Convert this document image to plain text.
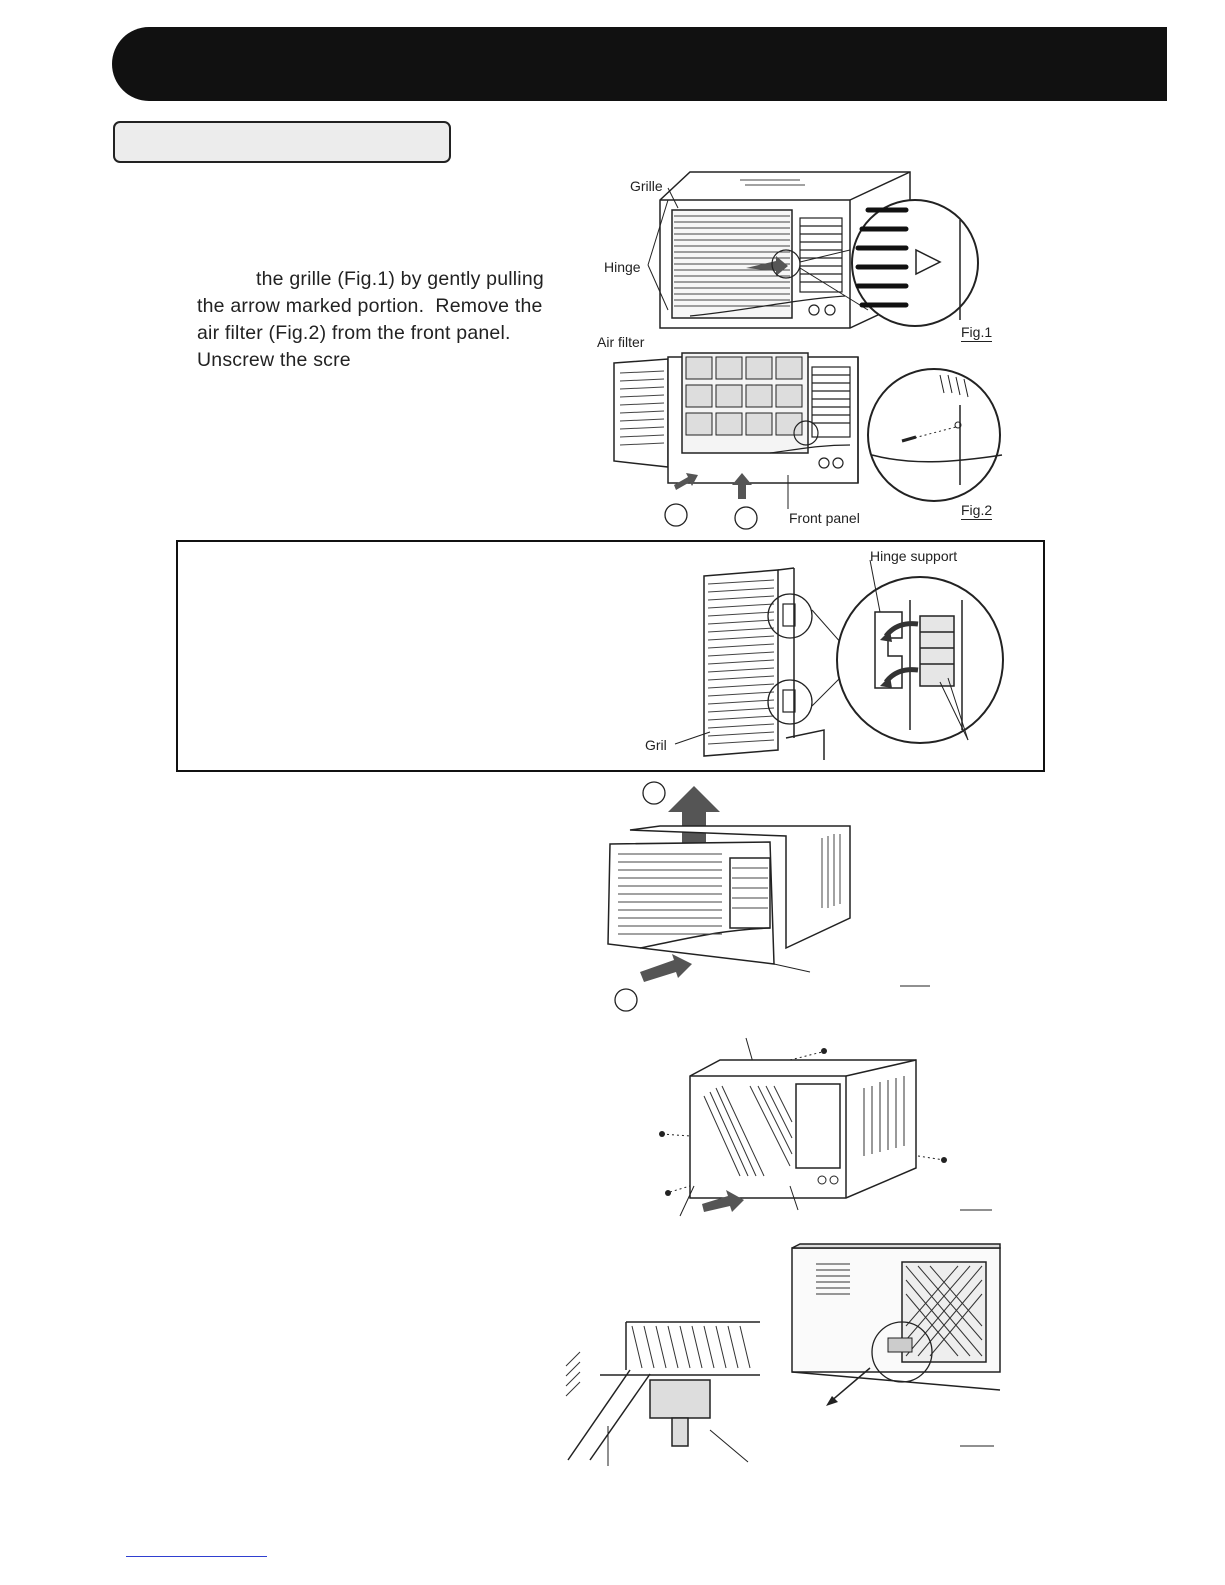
the grille (Fig.1) by gently pulling
the arrow marked portion.  Remove the
air filter (Fig.2) from the front panel.
Unscrew the scre
Grille
Hinge
Fig.1
Air filter
Front panel	Fig.2
Hinge support
Gril
